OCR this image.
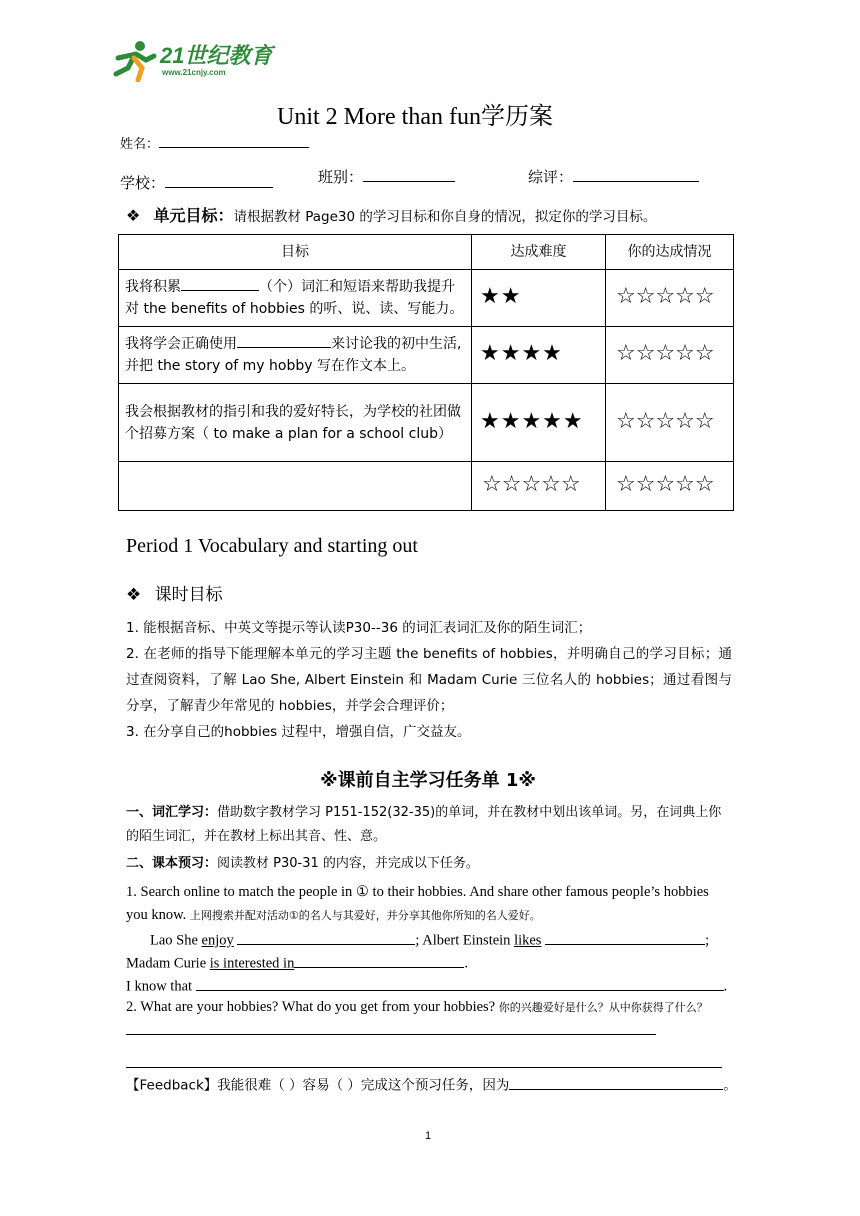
21世纪教育
www.21cnjy.com
Unit 2 More than fun学历案
姓名：
学校：	班别：	综评：
❖ 单元目标：请根据教材 Page30 的学习目标和你自身的情况，拟定你的学习目标。
目标	达成难度	你的达成情况
我将积累 （个）词汇和短语来帮助我提升对 the benefits of hobbies 的听、说、读、写能力。	★★	☆☆☆☆☆
我将学会正确使用 来讨论我的初中生活, 并把 the story of my hobby 写在作文本上。	★★★★	☆☆☆☆☆
我会根据教材的指引和我的爱好特长，为学校的社团做个招募方案（ to make a plan for a school club）	★★★★★	☆☆☆☆☆
	☆☆☆☆☆	☆☆☆☆☆
Period 1 Vocabulary and starting out
❖ 课时目标
1. 能根据音标、中英文等提示等认读P30--36 的词汇表词汇及你的陌生词汇；
2. 在老师的指导下能理解本单元的学习主题 the benefits of hobbies，并明确自己的学习目标；通过查阅资料，了解 Lao She, Albert Einstein 和 Madam Curie 三位名人的 hobbies；通过看图与分享，了解青少年常见的 hobbies，并学会合理评价；
3. 在分享自己的hobbies 过程中，增强自信，广交益友。
※课前自主学习任务单 1※
一、词汇学习：借助数字教材学习 P151-152(32-35)的单词，并在教材中划出该单词。另，在词典上你的陌生词汇，并在教材上标出其音、性、意。
二、课本预习：阅读教材 P30-31 的内容，并完成以下任务。
1. Search online to match the people in ① to their hobbies. And share other famous people’s hobbies you know. 上网搜索并配对活动①的名人与其爱好，并分享其他你所知的名人爱好。
Lao She enjoy	; Albert Einstein likes	;
Madam Curie is interested in	.
I know that	.
2. What are your hobbies? What do you get from your hobbies? 你的兴趣爱好是什么？从中你获得了什么？
【Feedback】我能很难（ ）容易（ ）完成这个预习任务，因为	。
1
